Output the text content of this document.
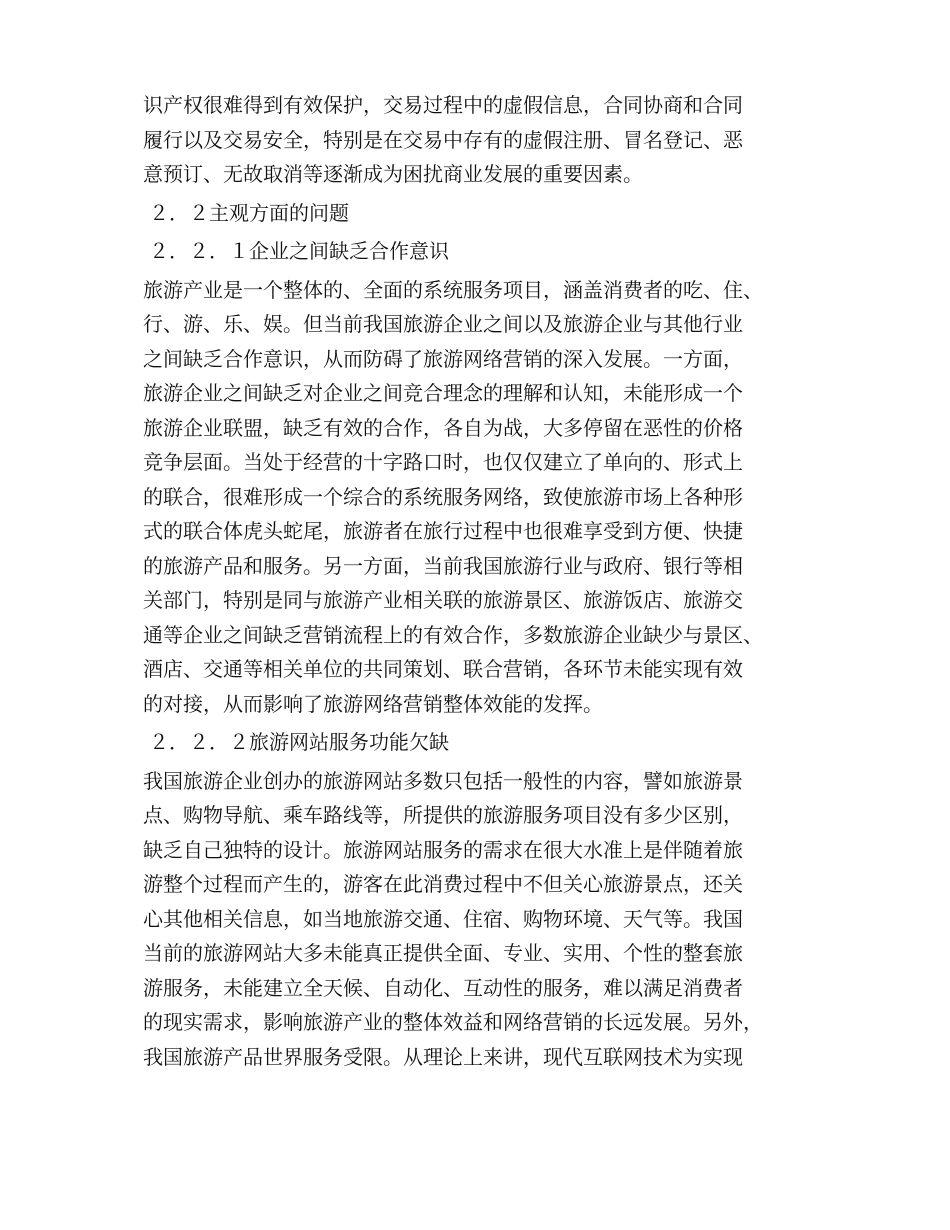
识产权很难得到有效保护，交易过程中的虚假信息，合同协商和合同
履行以及交易安全，特别是在交易中存有的虚假注册、冒名登记、恶
意预订、无故取消等逐渐成为困扰商业发展的重要因素。
２．２主观方面的问题
２．２．１企业之间缺乏合作意识
旅游产业是一个整体的、全面的系统服务项目，涵盖消费者的吃、住、
行、游、乐、娱。但当前我国旅游企业之间以及旅游企业与其他行业
之间缺乏合作意识，从而防碍了旅游网络营销的深入发展。一方面，
旅游企业之间缺乏对企业之间竞合理念的理解和认知，未能形成一个
旅游企业联盟，缺乏有效的合作，各自为战，大多停留在恶性的价格
竞争层面。当处于经营的十字路口时，也仅仅建立了单向的、形式上
的联合，很难形成一个综合的系统服务网络，致使旅游市场上各种形
式的联合体虎头蛇尾，旅游者在旅行过程中也很难享受到方便、快捷
的旅游产品和服务。另一方面，当前我国旅游行业与政府、银行等相
关部门，特别是同与旅游产业相关联的旅游景区、旅游饭店、旅游交
通等企业之间缺乏营销流程上的有效合作，多数旅游企业缺少与景区、
酒店、交通等相关单位的共同策划、联合营销，各环节未能实现有效
的对接，从而影响了旅游网络营销整体效能的发挥。
２．２．２旅游网站服务功能欠缺
我国旅游企业创办的旅游网站多数只包括一般性的内容，譬如旅游景
点、购物导航、乘车路线等，所提供的旅游服务项目没有多少区别，
缺乏自己独特的设计。旅游网站服务的需求在很大水准上是伴随着旅
游整个过程而产生的，游客在此消费过程中不但关心旅游景点，还关
心其他相关信息，如当地旅游交通、住宿、购物环境、天气等。我国
当前的旅游网站大多未能真正提供全面、专业、实用、个性的整套旅
游服务，未能建立全天候、自动化、互动性的服务，难以满足消费者
的现实需求，影响旅游产业的整体效益和网络营销的长远发展。另外，
我国旅游产品世界服务受限。从理论上来讲，现代互联网技术为实现
